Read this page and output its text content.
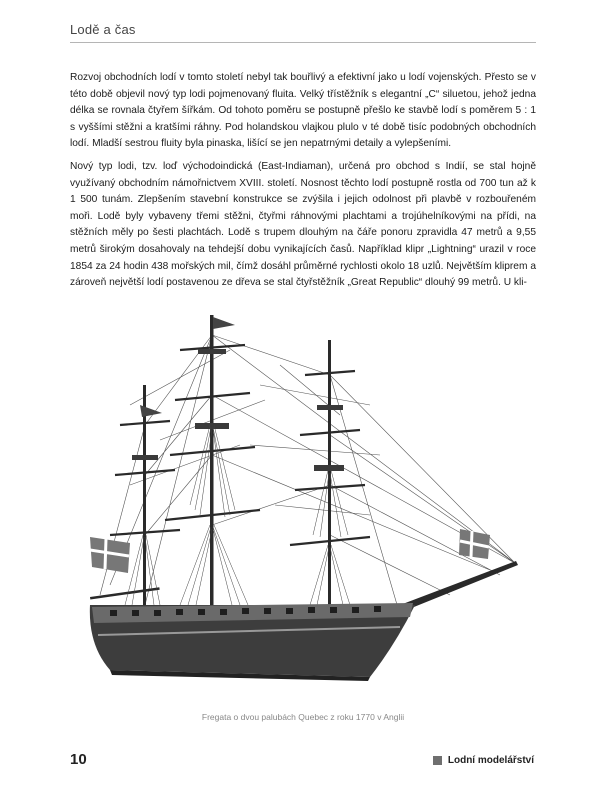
Lodě a čas

Rozvoj obchodních lodí v tomto století nebyl tak bouřlivý a efektivní jako u lodí vojenských. Přesto se v této době objevil nový typ lodi pojmenovaný fluita. Velký třístěžník s elegantní „C“ siluetou, jehož jedna délka se rovnala čtyřem šířkám. Od tohoto poměru se postupně přešlo ke stavbě lodí s poměrem 5 : 1 s vyššími stěžni a kratšími ráhny. Pod holandskou vlajkou plulo v té době tisíc podobných obchodních lodí. Mladší sestrou fluity byla pinaska, lišící se jen nepatrnými detaily a vylepšeními.

Nový typ lodi, tzv. loď východoindická (East-Indiaman), určená pro obchod s Indií, se stal hojně využívaný obchodním námořnictvem XVIII. století. Nosnost těchto lodí postupně rostla od 700 tun až k 1 500 tunám. Zlepšením stavební konstrukce se zvýšila i jejich odolnost při plavbě v rozbouřeném moři. Lodě byly vybaveny třemi stěžni, čtyřmi ráhnovými plachtami a trojúhelníkovými na přídi, na stěžních měly po šesti plachtách. Lodě s trupem dlouhým na čáře ponoru zpravidla 47 metrů a 9,55 metrů širokým dosahovaly na tehdejší dobu vynikajících časů. Například klipr „Lightning“ urazil v roce 1854 za 24 hodin 438 mořských mil, čímž dosáhl průměrné rychlosti okolo 18 uzlů. Největším kliprem a zároveň největší lodí postavenou ze dřeva se stal čtyřstěžník „Great Republic“ dlouhý 99 metrů. U kli-

Fregata o dvou palubách Quebec z roku 1770 v Anglii
10	Lodní modelářství
